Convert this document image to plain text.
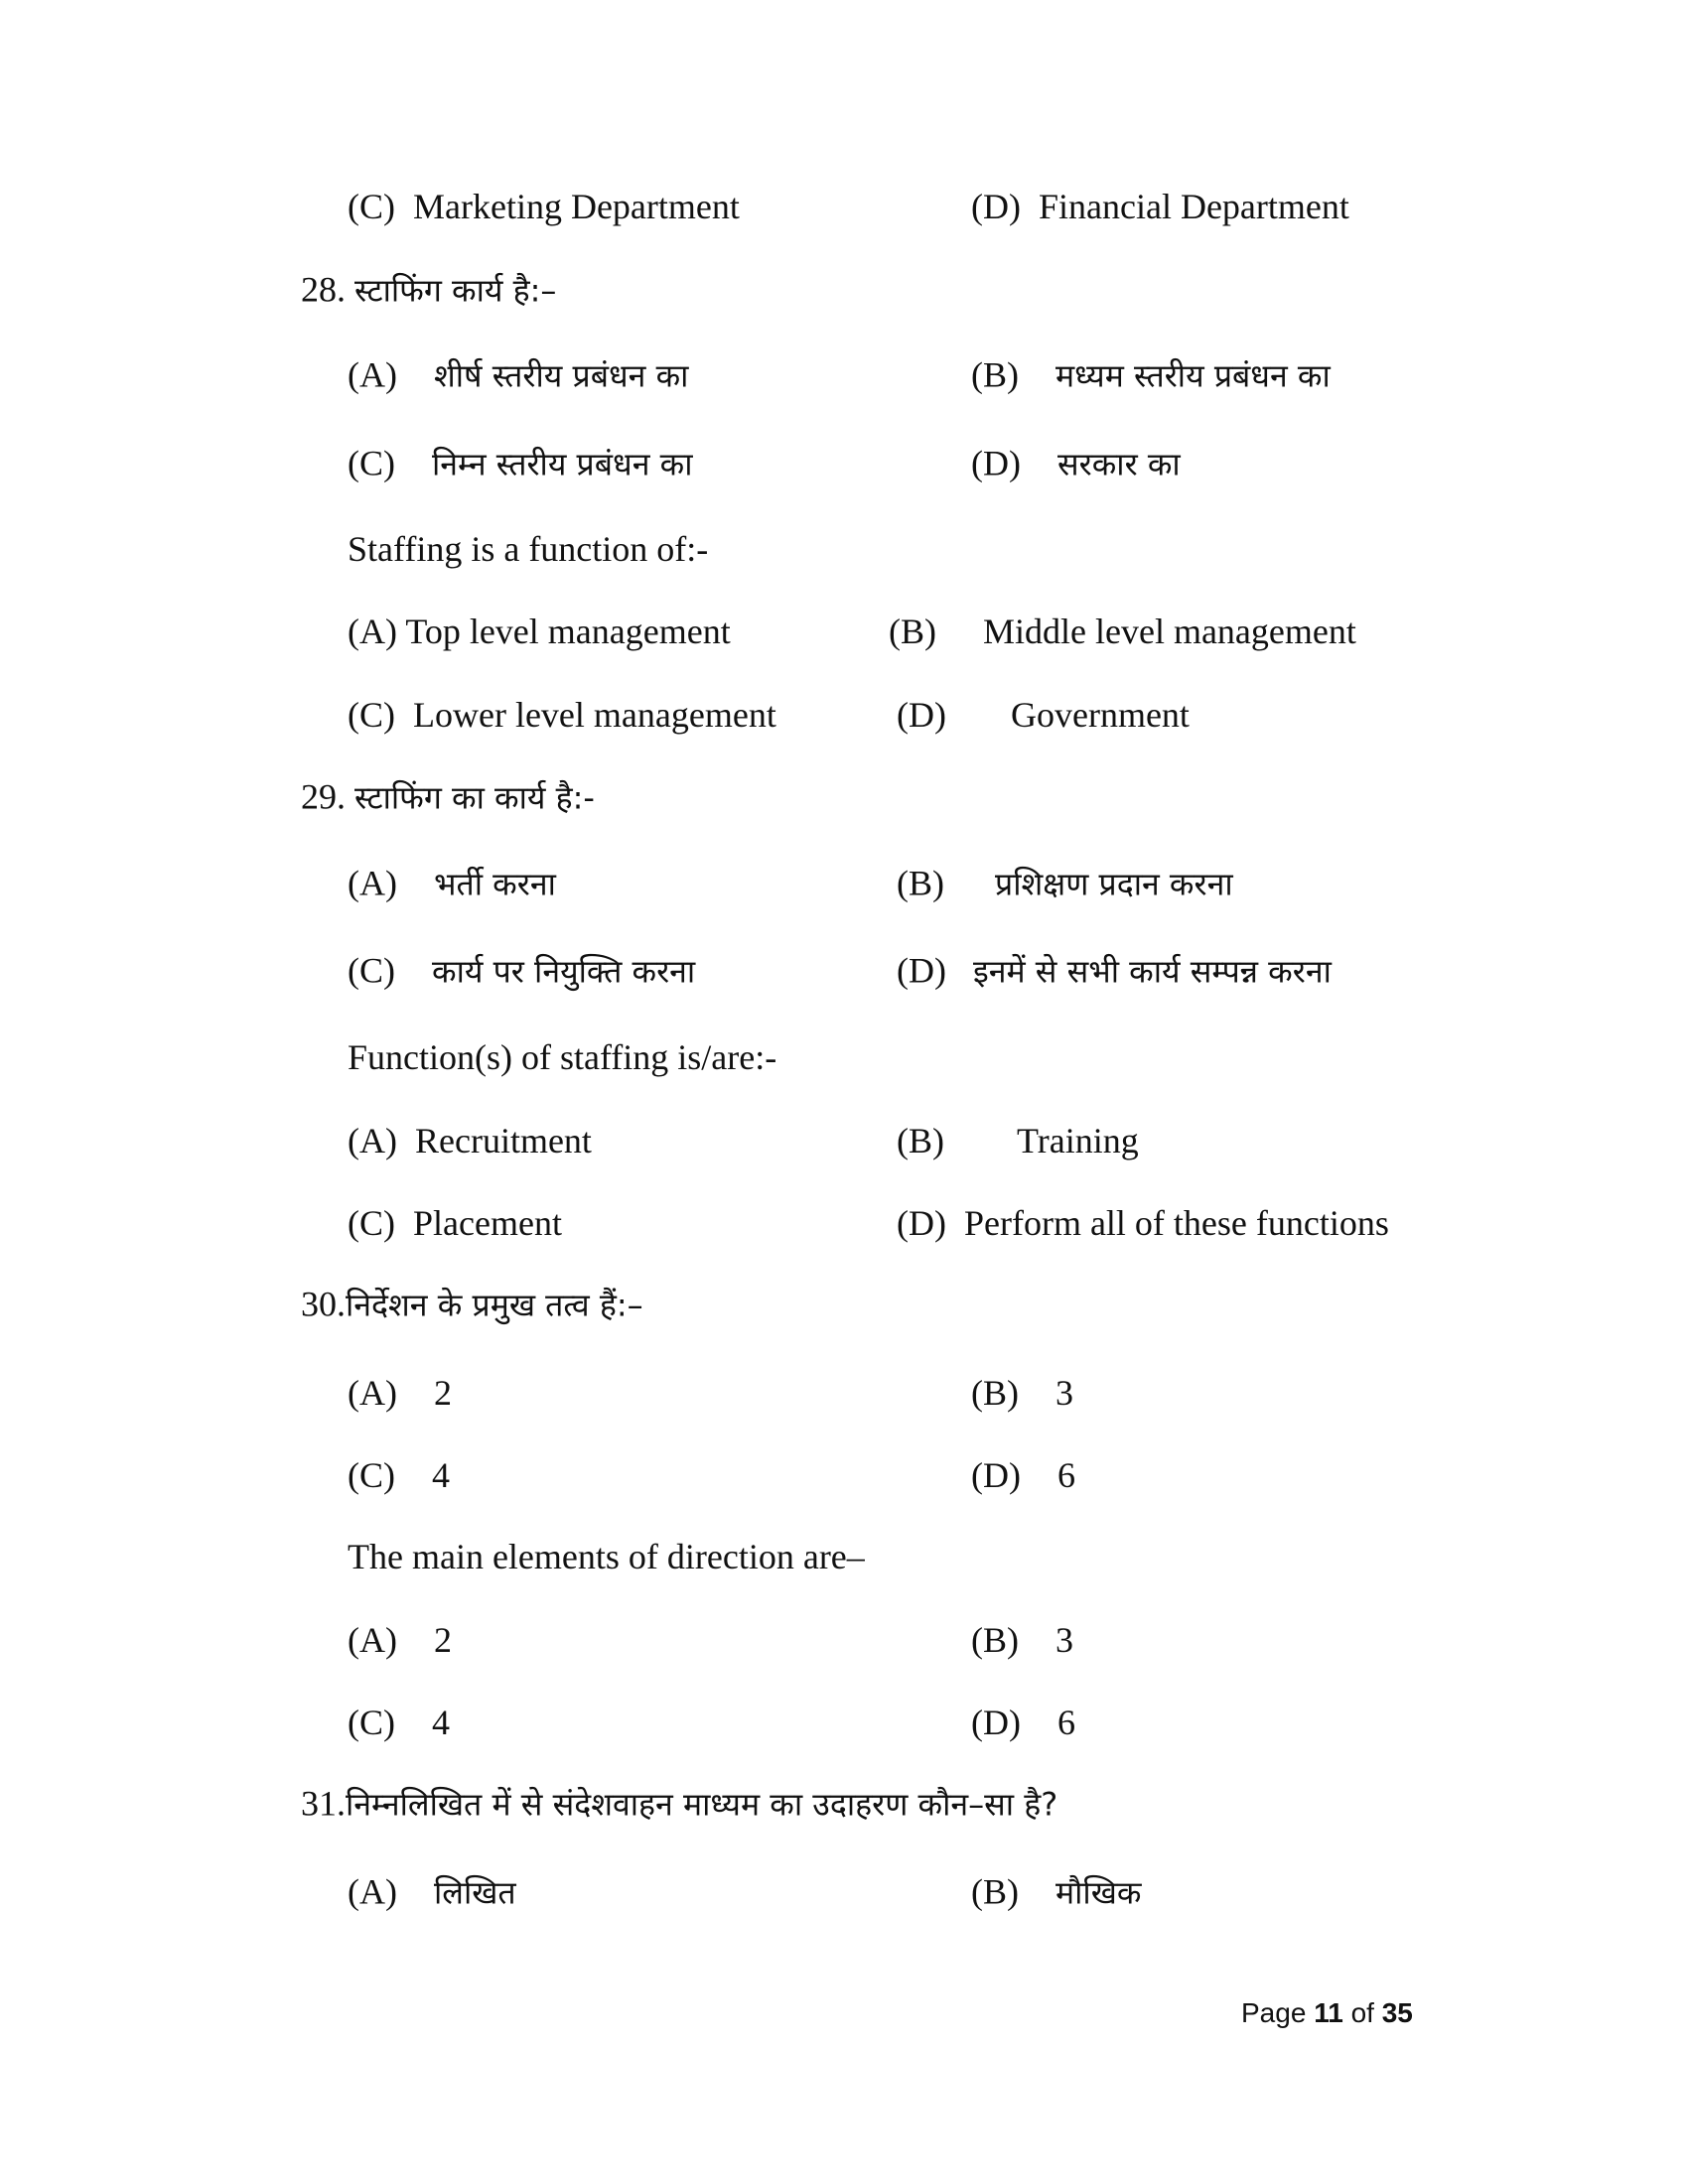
(C) Marketing Department	(D) Financial Department
28. स्टाफिंग कार्य है:–
(A) शीर्ष स्तरीय प्रबंधन का	(B) मध्यम स्तरीय प्रबंधन का
(C) निम्न स्तरीय प्रबंधन का	(D) सरकार का
Staffing is a function of:-
(A) Top level management	(B) Middle level management
(C) Lower level management	(D) Government
29. स्टाफिंग का कार्य है:-
(A) भर्ती करना	(B) प्रशिक्षण प्रदान करना
(C) कार्य पर नियुक्ति करना	(D) इनमें से सभी कार्य सम्पन्न करना
Function(s) of staffing is/are:-
(A) Recruitment	(B) Training
(C) Placement	(D) Perform all of these functions
30.निर्देशन के प्रमुख तत्व हैं:–
(A) 2	(B) 3
(C) 4	(D) 6
The main elements of direction are–
(A) 2	(B) 3
(C) 4	(D) 6
31.निम्नलिखित में से संदेशवाहन माध्यम का उदाहरण कौन–सा है?
(A) लिखित	(B) मौखिक
Page 11 of 35
